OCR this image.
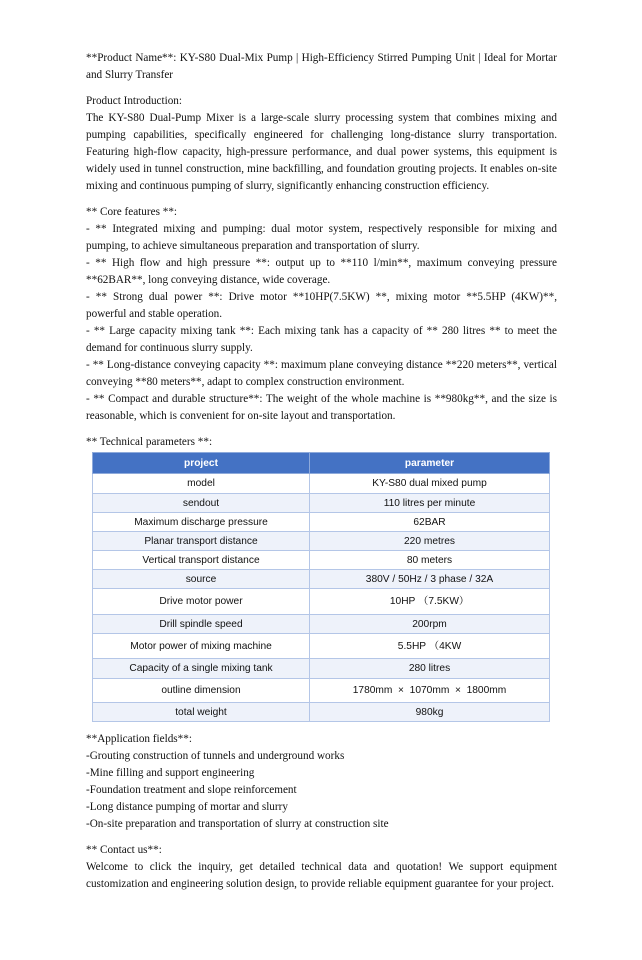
**Product Name**: KY-S80 Dual-Mix Pump | High-Efficiency Stirred Pumping Unit | Ideal for Mortar and Slurry Transfer

Product Introduction:

The KY-S80 Dual-Pump Mixer is a large-scale slurry processing system that combines mixing and pumping capabilities, specifically engineered for challenging long-distance slurry transportation. Featuring high-flow capacity, high-pressure performance, and dual power systems, this equipment is widely used in tunnel construction, mine backfilling, and foundation grouting projects. It enables on-site mixing and continuous pumping of slurry, significantly enhancing construction efficiency.

** Core features **:

- ** Integrated mixing and pumping: dual motor system, respectively responsible for mixing and pumping, to achieve simultaneous preparation and transportation of slurry.

- ** High flow and high pressure **: output up to **110 l/min**, maximum conveying pressure **62BAR**, long conveying distance, wide coverage.

- ** Strong dual power **: Drive motor **10HP(7.5KW) **, mixing motor **5.5HP (4KW)**, powerful and stable operation.

- ** Large capacity mixing tank **: Each mixing tank has a capacity of ** 280 litres ** to meet the demand for continuous slurry supply.

- ** Long-distance conveying capacity **: maximum plane conveying distance **220 meters**, vertical conveying **80 meters**, adapt to complex construction environment.

- ** Compact and durable structure**: The weight of the whole machine is **980kg**, and the size is reasonable, which is convenient for on-site layout and transportation.

** Technical parameters **:

project	parameter
model	KY-S80 dual mixed pump
sendout	110 litres per minute
Maximum discharge pressure	62BAR
Planar transport distance	220 metres
Vertical transport distance	80 meters
source	380V / 50Hz / 3 phase / 32A
Drive motor power	10HP （7.5KW）
Drill spindle speed	200rpm
Motor power of mixing machine	5.5HP （4KW
Capacity of a single mixing tank	280 litres
outline dimension	1780mm  ×  1070mm  ×  1800mm
total weight	980kg

**Application fields**:

-Grouting construction of tunnels and underground works

-Mine filling and support engineering

-Foundation treatment and slope reinforcement

-Long distance pumping of mortar and slurry

-On-site preparation and transportation of slurry at construction site

** Contact us**:

Welcome to click the inquiry, get detailed technical data and quotation! We support equipment customization and engineering solution design, to provide reliable equipment guarantee for your project.
